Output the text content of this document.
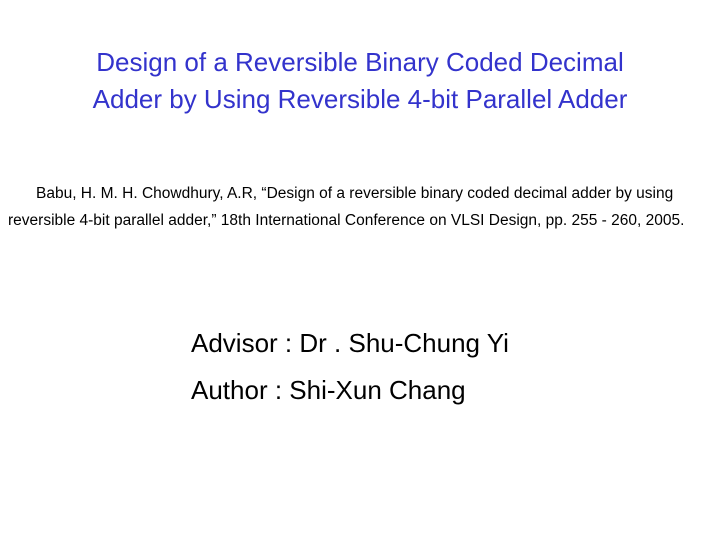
Design of a Reversible Binary Coded Decimal
Adder by Using Reversible 4-bit Parallel Adder
Babu, H. M. H. Chowdhury, A.R, “Design of a reversible binary coded decimal adder by using reversible 4-bit parallel adder,” 18th International Conference on VLSI Design, pp. 255 - 260, 2005.
Advisor : Dr . Shu-Chung Yi
Author : Shi-Xun Chang
